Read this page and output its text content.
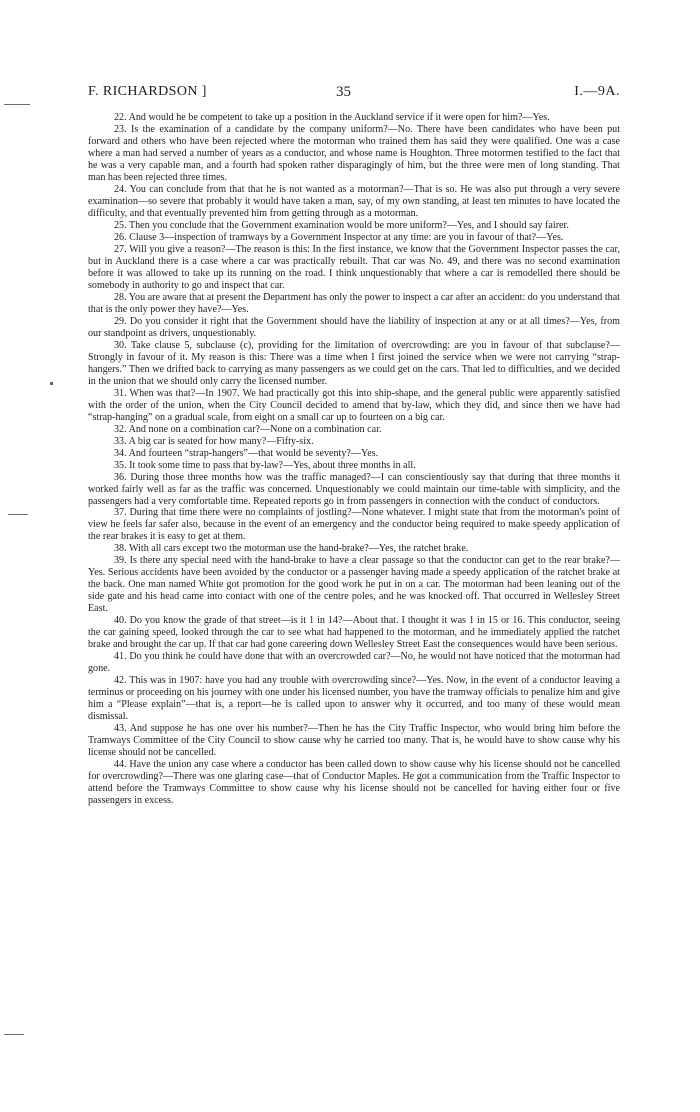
F. RICHARDSON ]	35	I.—9A.

22. And would he be competent to take up a position in the Auckland service if it were open for him?—Yes.

23. Is the examination of a candidate by the company uniform?—No. There have been candidates who have been put forward and others who have been rejected where the motorman who trained them has said they were qualified. One was a case where a man had served a number of years as a conductor, and whose name is Houghton. Three motormen testified to the fact that he was a very capable man, and a fourth had spoken rather disparagingly of him, but the three were men of long standing. That man has been rejected three times.

24. You can conclude from that that he is not wanted as a motorman?—That is so. He was also put through a very severe examination—so severe that probably it would have taken a man, say, of my own standing, at least ten minutes to have located the difficulty, and that eventually prevented him from getting through as a motorman.

25. Then you conclude that the Government examination would be more uniform?—Yes, and I should say fairer.

26. Clause 3—inspection of tramways by a Government Inspector at any time: are you in favour of that?—Yes.

27. Will you give a reason?—The reason is this: In the first instance, we know that the Government Inspector passes the car, but in Auckland there is a case where a car was practically rebuilt. That car was No. 49, and there was no second examination before it was allowed to take up its running on the road. I think unquestionably that where a car is remodelled there should be somebody in authority to go and inspect that car.

28. You are aware that at present the Department has only the power to inspect a car after an accident: do you understand that that is the only power they have?—Yes.

29. Do you consider it right that the Government should have the liability of inspection at any or at all times?—Yes, from our standpoint as drivers, unquestionably.

30. Take clause 5, subclause (c), providing for the limitation of overcrowding: are you in favour of that subclause?—Strongly in favour of it. My reason is this: There was a time when I first joined the service when we were not carrying “strap-hangers.” Then we drifted back to carrying as many passengers as we could get on the cars. That led to difficulties, and we decided in the union that we should only carry the licensed number.

31. When was that?—In 1907. We had practically got this into ship-shape, and the general public were apparently satisfied with the order of the union, when the City Council decided to amend that by-law, which they did, and since then we have had “strap-hanging” on a gradual scale, from eight on a small car up to fourteen on a big car.

32. And none on a combination car?—None on a combination car.

33. A big car is seated for how many?—Fifty-six.

34. And fourteen “strap-hangers”—that would be seventy?—Yes.

35. It took some time to pass that by-law?—Yes, about three months in all.

36. During those three months how was the traffic managed?—I can conscientiously say that during that three months it worked fairly well as far as the traffic was concerned. Unquestionably we could maintain our time-table with simplicity, and the passengers had a very comfortable time. Repeated reports go in from passengers in connection with the conduct of conductors.

37. During that time there were no complaints of jostling?—None whatever. I might state that from the motorman's point of view he feels far safer also, because in the event of an emergency and the conductor being required to make speedy application of the rear brakes it is easy to get at them.

38. With all cars except two the motorman use the hand-brake?—Yes, the ratchet brake.

39. Is there any special need with the hand-brake to have a clear passage so that the conductor can get to the rear brake?—Yes. Serious accidents have been avoided by the conductor or a passenger having made a speedy application of the ratchet brake at the back. One man named White got promotion for the good work he put in on a car. The motorman had been leaning out of the side gate and his head came into contact with one of the centre poles, and he was knocked off. That occurred in Wellesley Street East.

40. Do you know the grade of that street—is it 1 in 14?—About that. I thought it was 1 in 15 or 16. This conductor, seeing the car gaining speed, looked through the car to see what had happened to the motorman, and he immediately applied the ratchet brake and brought the car up. If that car had gone careering down Wellesley Street East the consequences would have been serious.

41. Do you think he could have done that with an overcrowded car?—No, he would not have noticed that the motorman had gone.

42. This was in 1907: have you had any trouble with overcrowding since?—Yes. Now, in the event of a conductor leaving a terminus or proceeding on his journey with one under his licensed number, you have the tramway officials to penalize him and give him a “Please explain”—that is, a report—he is called upon to answer why it occurred, and too many of these would mean dismissal.

43. And suppose he has one over his number?—Then he has the City Traffic Inspector, who would bring him before the Tramways Committee of the City Council to show cause why he carried too many. That is, he would have to show cause why his license should not be cancelled.

44. Have the union any case where a conductor has been called down to show cause why his license should not be cancelled for overcrowding?—There was one glaring case—that of Conductor Maples. He got a communication from the Traffic Inspector to attend before the Tramways Committee to show cause why his license should not be cancelled for having either four or five passengers in excess.
